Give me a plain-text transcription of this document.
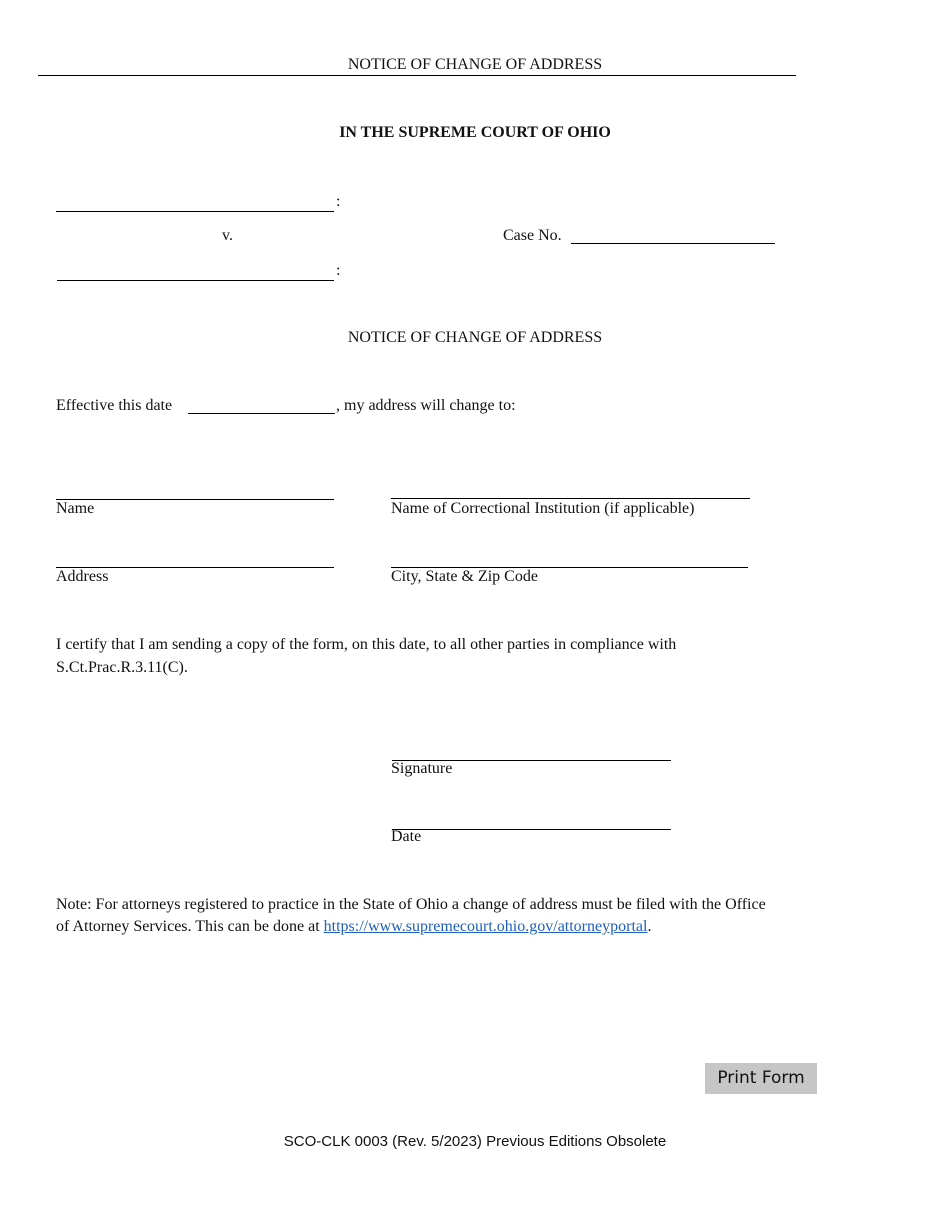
NOTICE OF CHANGE OF ADDRESS
IN THE SUPREME COURT OF OHIO
:
v.	Case No.
:
NOTICE OF CHANGE OF ADDRESS
Effective this date	, my address will change to:
Name	Name of Correctional Institution (if applicable)
Address	City, State & Zip Code
I certify that I am sending a copy of the form, on this date, to all other parties in compliance with
S.Ct.Prac.R.3.11(C).
Signature
Date
Note: For attorneys registered to practice in the State of Ohio a change of address must be filed with the Office
of Attorney Services. This can be done at https://www.supremecourt.ohio.gov/attorneyportal.
Print Form
SCO-CLK 0003 (Rev. 5/2023) Previous Editions Obsolete
